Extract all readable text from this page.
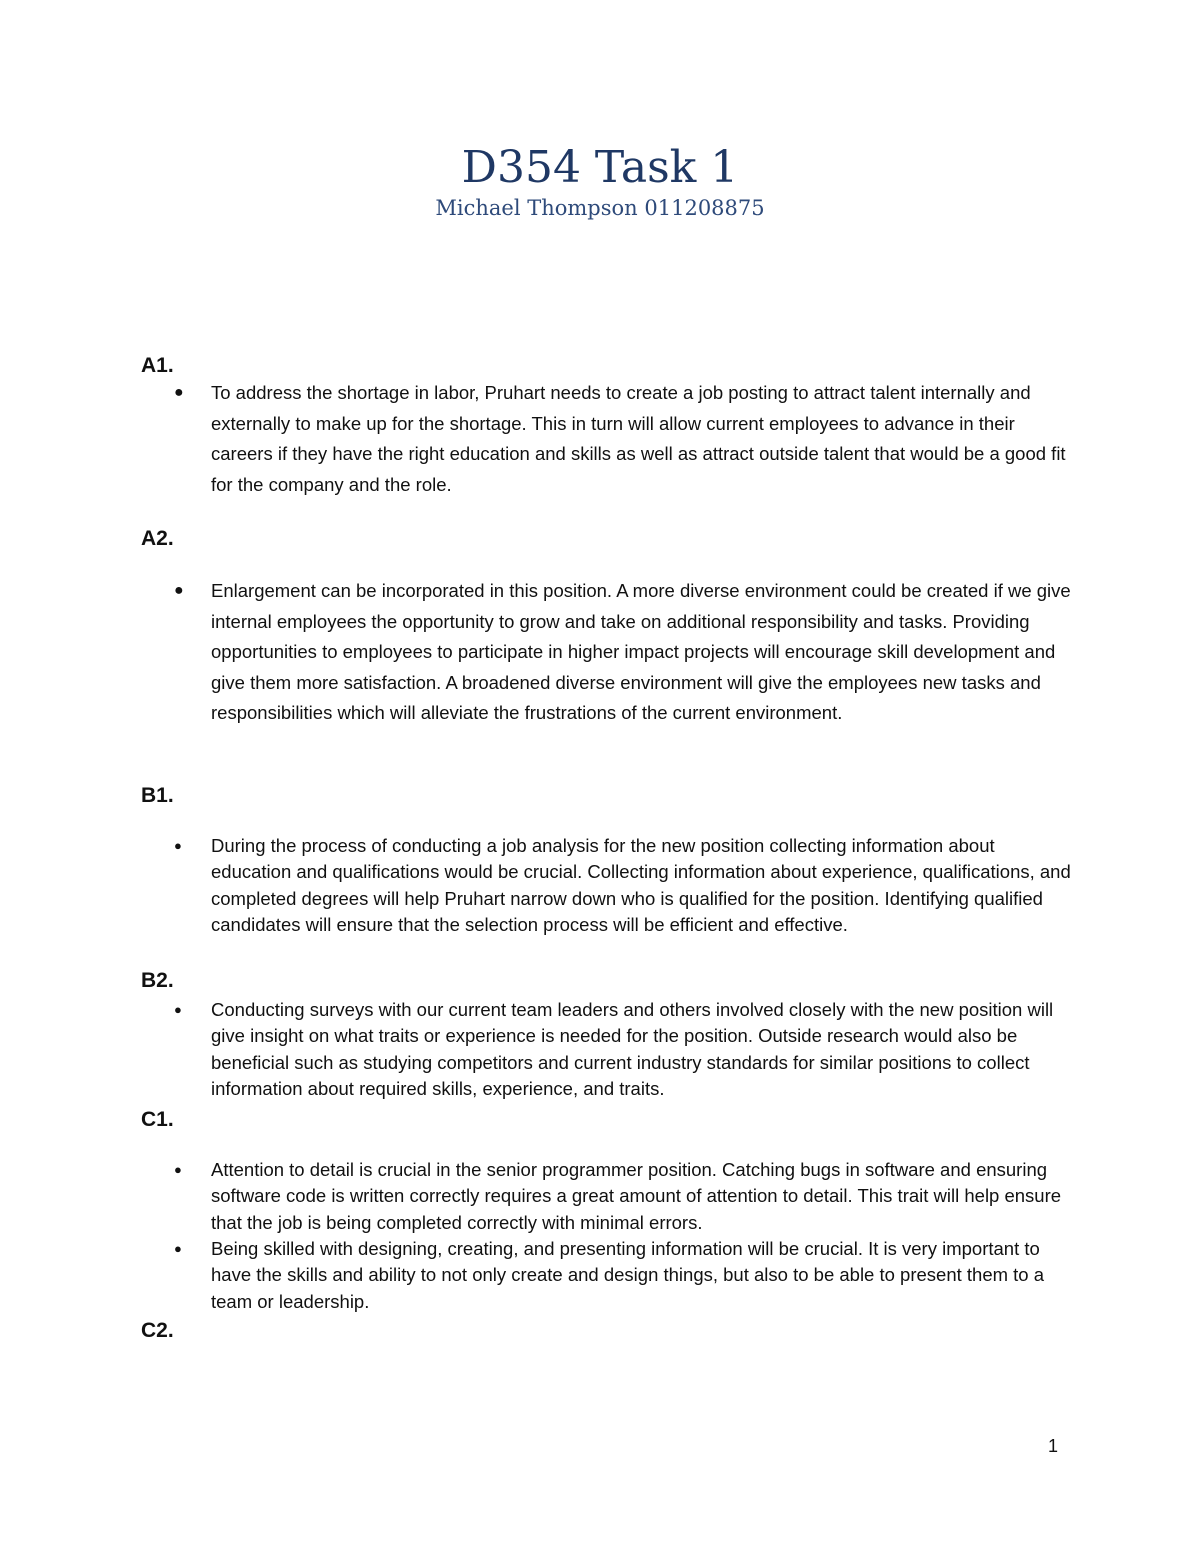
D354 Task 1
Michael Thompson 011208875
A1.
● To address the shortage in labor, Pruhart needs to create a job posting to attract talent internally and externally to make up for the shortage. This in turn will allow current employees to advance in their careers if they have the right education and skills as well as attract outside talent that would be a good fit for the company and the role.
A2.
● Enlargement can be incorporated in this position. A more diverse environment could be created if we give internal employees the opportunity to grow and take on additional responsibility and tasks. Providing opportunities to employees to participate in higher impact projects will encourage skill development and give them more satisfaction. A broadened diverse environment will give the employees new tasks and responsibilities which will alleviate the frustrations of the current environment.
B1.
● During the process of conducting a job analysis for the new position collecting information about education and qualifications would be crucial. Collecting information about experience, qualifications, and completed degrees will help Pruhart narrow down who is qualified for the position. Identifying qualified candidates will ensure that the selection process will be efficient and effective.
B2.
● Conducting surveys with our current team leaders and others involved closely with the new position will give insight on what traits or experience is needed for the position. Outside research would also be beneficial such as studying competitors and current industry standards for similar positions to collect information about required skills, experience, and traits.
C1.
● Attention to detail is crucial in the senior programmer position. Catching bugs in software and ensuring software code is written correctly requires a great amount of attention to detail. This trait will help ensure that the job is being completed correctly with minimal errors.
● Being skilled with designing, creating, and presenting information will be crucial. It is very important to have the skills and ability to not only create and design things, but also to be able to present them to a team or leadership.
C2.
1
